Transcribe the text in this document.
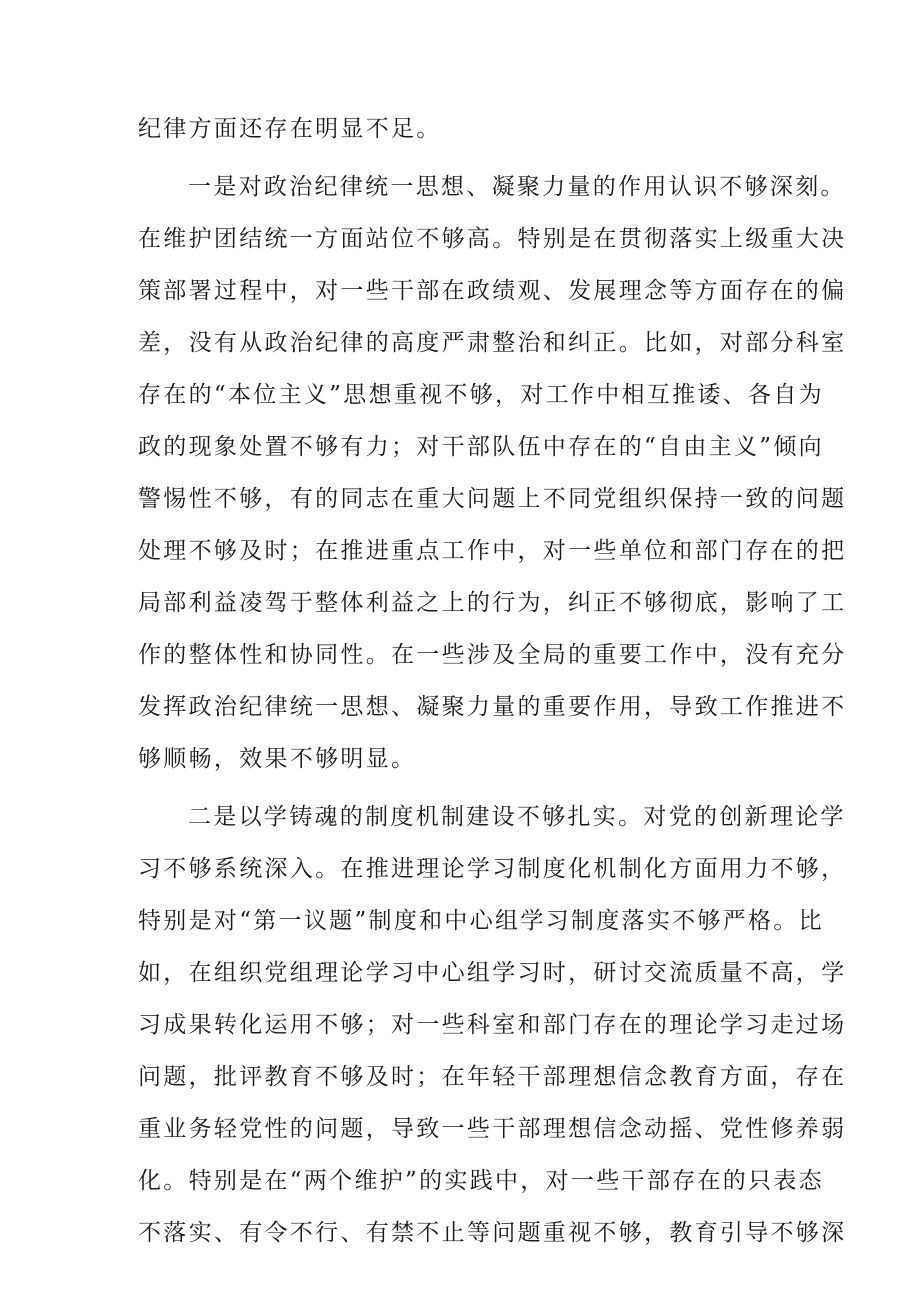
纪律方面还存在明显不足。
一是对政治纪律统一思想、凝聚力量的作用认识不够深刻。
在维护团结统一方面站位不够高。特别是在贯彻落实上级重大决
策部署过程中，对一些干部在政绩观、发展理念等方面存在的偏
差，没有从政治纪律的高度严肃整治和纠正。比如，对部分科室
存在的“本位主义”思想重视不够，对工作中相互推诿、各自为
政的现象处置不够有力；对干部队伍中存在的“自由主义”倾向
警惕性不够，有的同志在重大问题上不同党组织保持一致的问题
处理不够及时；在推进重点工作中，对一些单位和部门存在的把
局部利益凌驾于整体利益之上的行为，纠正不够彻底，影响了工
作的整体性和协同性。在一些涉及全局的重要工作中，没有充分
发挥政治纪律统一思想、凝聚力量的重要作用，导致工作推进不
够顺畅，效果不够明显。
二是以学铸魂的制度机制建设不够扎实。对党的创新理论学
习不够系统深入。在推进理论学习制度化机制化方面用力不够，
特别是对“第一议题”制度和中心组学习制度落实不够严格。比
如，在组织党组理论学习中心组学习时，研讨交流质量不高，学
习成果转化运用不够；对一些科室和部门存在的理论学习走过场
问题，批评教育不够及时；在年轻干部理想信念教育方面，存在
重业务轻党性的问题，导致一些干部理想信念动摇、党性修养弱
化。特别是在“两个维护”的实践中，对一些干部存在的只表态
不落实、有令不行、有禁不止等问题重视不够，教育引导不够深
